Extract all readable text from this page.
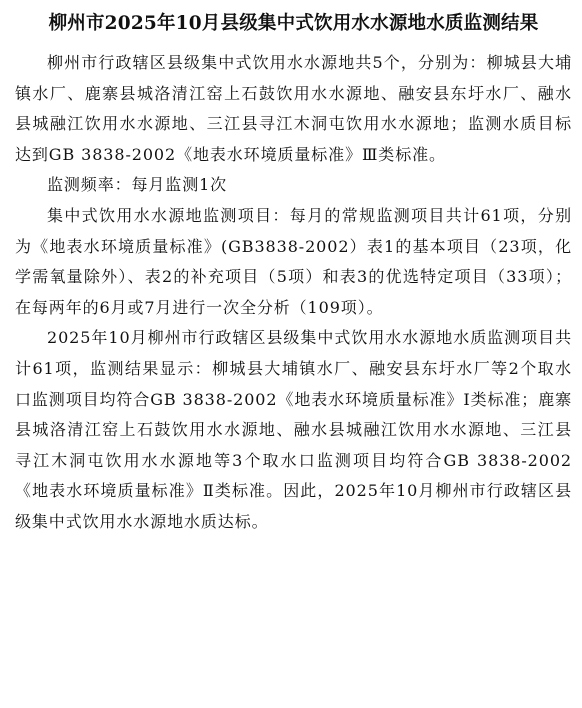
柳州市2025年10月县级集中式饮用水水源地水质监测结果

柳州市行政辖区县级集中式饮用水水源地共5个，分别为：柳城县大埔镇水厂、鹿寨县城洛清江窑上石鼓饮用水水源地、融安县东圩水厂、融水县城融江饮用水水源地、三江县寻江木洞屯饮用水水源地；监测水质目标达到GB 3838-2002《地表水环境质量标准》Ⅲ类标准。

监测频率：每月监测1次

集中式饮用水水源地监测项目：每月的常规监测项目共计61项，分别为《地表水环境质量标准》(GB3838-2002）表1的基本项目（23项，化学需氧量除外）、表2的补充项目（5项）和表3的优选特定项目（33项）；在每两年的6月或7月进行一次全分析（109项）。

2025年10月柳州市行政辖区县级集中式饮用水水源地水质监测项目共计61项，监测结果显示：柳城县大埔镇水厂、融安县东圩水厂等2个取水口监测项目均符合GB 3838-2002《地表水环境质量标准》Ⅰ类标准；鹿寨县城洛清江窑上石鼓饮用水水源地、融水县城融江饮用水水源地、三江县寻江木洞屯饮用水水源地等3个取水口监测项目均符合GB 3838-2002《地表水环境质量标准》Ⅱ类标准。因此，2025年10月柳州市行政辖区县级集中式饮用水水源地水质达标。
